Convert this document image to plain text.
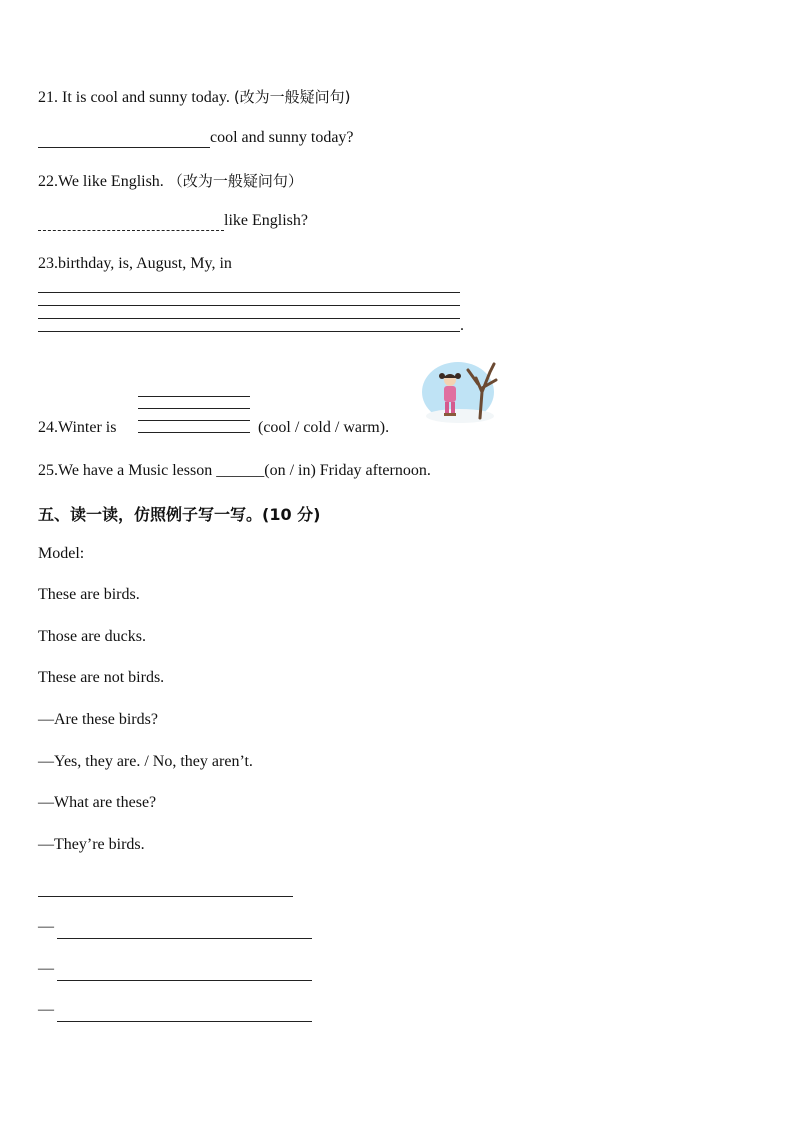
21. It is cool and sunny today. (改为一般疑问句)
cool and sunny today?
22.We like English. （改为一般疑问句）
like English?
23.birthday, is, August, My, in
.
24.Winter is	(cool / cold / warm).
25.We have a Music lesson ______(on / in) Friday afternoon.
五、读一读，仿照例子写一写。(10 分)
Model:
These are birds.
Those are ducks.
These are not birds.
—Are these birds?
—Yes, they are. / No, they aren’t.
—What are these?
—They’re birds.
—
—
—
